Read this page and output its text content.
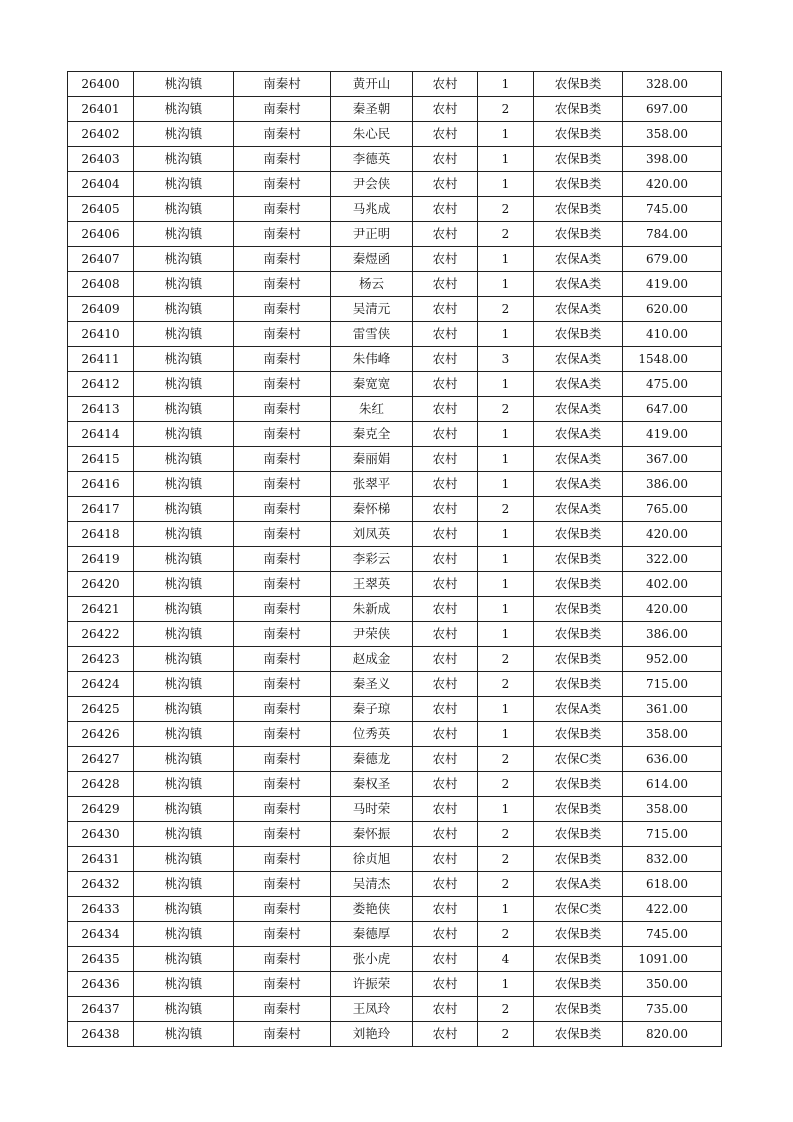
26400	桃沟镇	南秦村	黄开山	农村	1	农保B类	328.00
26401	桃沟镇	南秦村	秦圣朝	农村	2	农保B类	697.00
26402	桃沟镇	南秦村	朱心民	农村	1	农保B类	358.00
26403	桃沟镇	南秦村	李德英	农村	1	农保B类	398.00
26404	桃沟镇	南秦村	尹会侠	农村	1	农保B类	420.00
26405	桃沟镇	南秦村	马兆成	农村	2	农保B类	745.00
26406	桃沟镇	南秦村	尹正明	农村	2	农保B类	784.00
26407	桃沟镇	南秦村	秦煜函	农村	1	农保A类	679.00
26408	桃沟镇	南秦村	杨云	农村	1	农保A类	419.00
26409	桃沟镇	南秦村	吴清元	农村	2	农保A类	620.00
26410	桃沟镇	南秦村	雷雪侠	农村	1	农保B类	410.00
26411	桃沟镇	南秦村	朱伟峰	农村	3	农保A类	1548.00
26412	桃沟镇	南秦村	秦宽宽	农村	1	农保A类	475.00
26413	桃沟镇	南秦村	朱红	农村	2	农保A类	647.00
26414	桃沟镇	南秦村	秦克全	农村	1	农保A类	419.00
26415	桃沟镇	南秦村	秦丽娟	农村	1	农保A类	367.00
26416	桃沟镇	南秦村	张翠平	农村	1	农保A类	386.00
26417	桃沟镇	南秦村	秦怀梯	农村	2	农保A类	765.00
26418	桃沟镇	南秦村	刘凤英	农村	1	农保B类	420.00
26419	桃沟镇	南秦村	李彩云	农村	1	农保B类	322.00
26420	桃沟镇	南秦村	王翠英	农村	1	农保B类	402.00
26421	桃沟镇	南秦村	朱新成	农村	1	农保B类	420.00
26422	桃沟镇	南秦村	尹荣侠	农村	1	农保B类	386.00
26423	桃沟镇	南秦村	赵成金	农村	2	农保B类	952.00
26424	桃沟镇	南秦村	秦圣义	农村	2	农保B类	715.00
26425	桃沟镇	南秦村	秦子琼	农村	1	农保A类	361.00
26426	桃沟镇	南秦村	位秀英	农村	1	农保B类	358.00
26427	桃沟镇	南秦村	秦德龙	农村	2	农保C类	636.00
26428	桃沟镇	南秦村	秦权圣	农村	2	农保B类	614.00
26429	桃沟镇	南秦村	马时荣	农村	1	农保B类	358.00
26430	桃沟镇	南秦村	秦怀振	农村	2	农保B类	715.00
26431	桃沟镇	南秦村	徐贞旭	农村	2	农保B类	832.00
26432	桃沟镇	南秦村	吴清杰	农村	2	农保A类	618.00
26433	桃沟镇	南秦村	娄艳侠	农村	1	农保C类	422.00
26434	桃沟镇	南秦村	秦德厚	农村	2	农保B类	745.00
26435	桃沟镇	南秦村	张小虎	农村	4	农保B类	1091.00
26436	桃沟镇	南秦村	许振荣	农村	1	农保B类	350.00
26437	桃沟镇	南秦村	王凤玲	农村	2	农保B类	735.00
26438	桃沟镇	南秦村	刘艳玲	农村	2	农保B类	820.00
